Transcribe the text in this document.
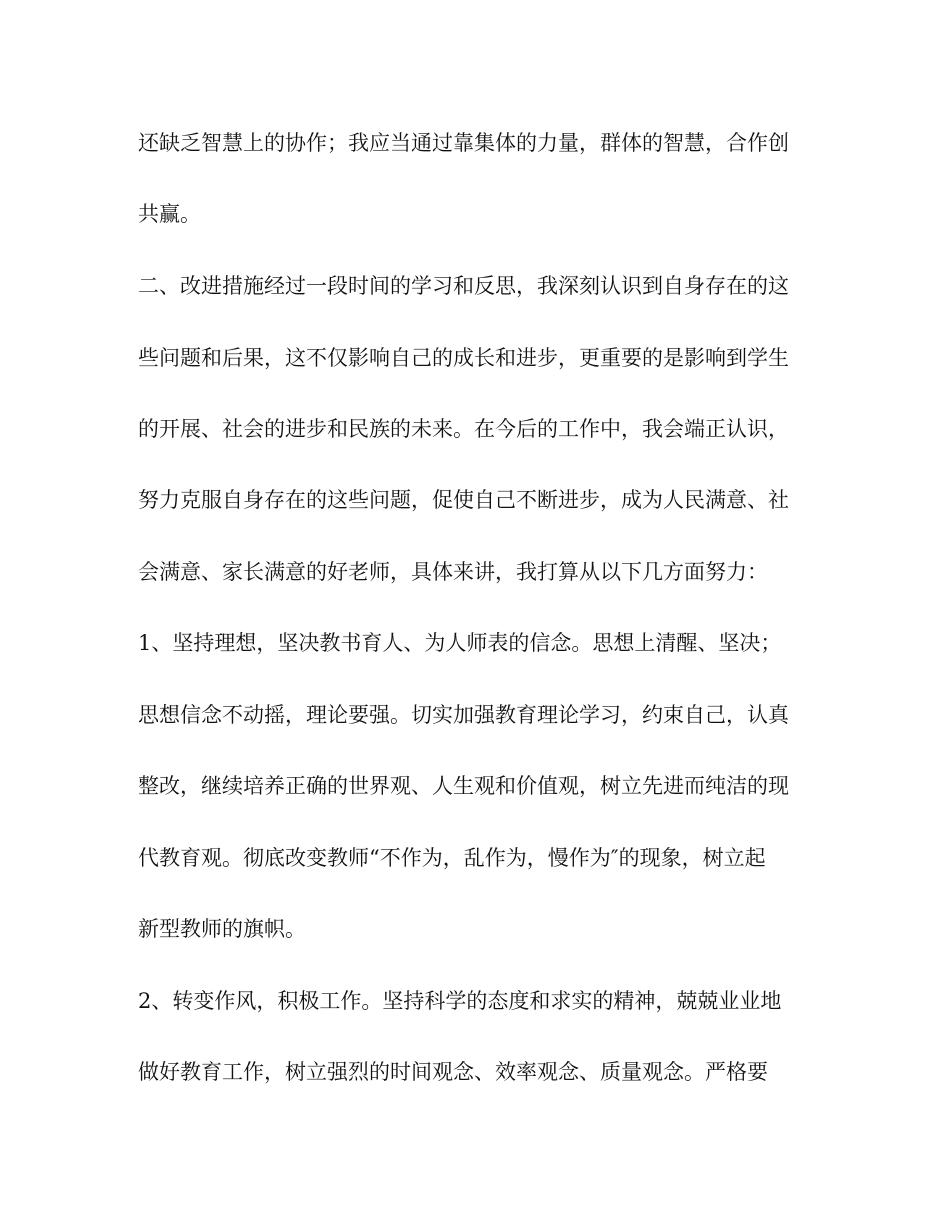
还缺乏智慧上的协作；我应当通过靠集体的力量，群体的智慧，合作创
共赢。
二、改进措施经过一段时间的学习和反思，我深刻认识到自身存在的这
些问题和后果，这不仅影响自己的成长和进步，更重要的是影响到学生
的开展、社会的进步和民族的未来。在今后的工作中，我会端正认识，
努力克服自身存在的这些问题，促使自己不断进步，成为人民满意、社
会满意、家长满意的好老师，具体来讲，我打算从以下几方面努力：
1、坚持理想，坚决教书育人、为人师表的信念。思想上清醒、坚决；
思想信念不动摇，理论要强。切实加强教育理论学习，约束自己，认真
整改，继续培养正确的世界观、人生观和价值观，树立先进而纯洁的现
代教育观。彻底改变教师“不作为，乱作为，慢作为″的现象，树立起
新型教师的旗帜。
2、转变作风，积极工作。坚持科学的态度和求实的精神，兢兢业业地
做好教育工作，树立强烈的时间观念、效率观念、质量观念。严格要
